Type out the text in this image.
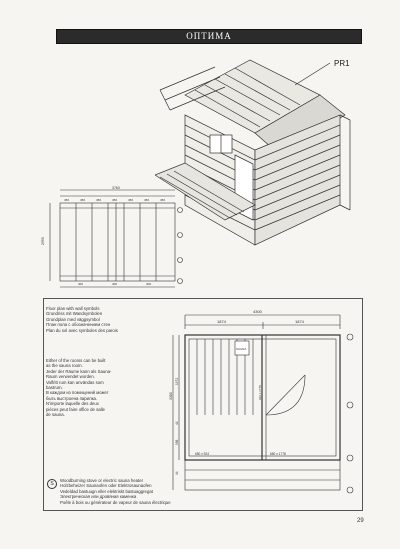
ОПТИМА
PR1
3760
2990
400	400	400
456	456	456	456	456	456	456
Floor plan with wall symbols
Grundriss mit Wandsymbolen
Grundplan med väggsymbol
План пола с обозначением стен
Plan du sol avec symboles des parois
Either of the rooms can be built
as the sauna room.
Jeder der Räume kann als Sauna-
Raum verwendet worden.
Valfritt rum kan användas som
bastrum.
В каждом из помещений может
быть выстроена парилка.
N'importe laquelle des deux
pièces peut faire office de salle
de sauna.
S
Woodburning stove or electric sauna heater
Holzbeheizer Saunaofen oder Elektrosaunaofen
Vedeldad bastuugn eller elektriskt bastuaggregat
Электрическая или дровяная каменка
Poêle à bois ou générateur de vapeur de sauna électrique
4300
1874	1874
3380
1972
44
956
44
650 x 924	650 x 1778
936 x 1778
SAUNA
29
